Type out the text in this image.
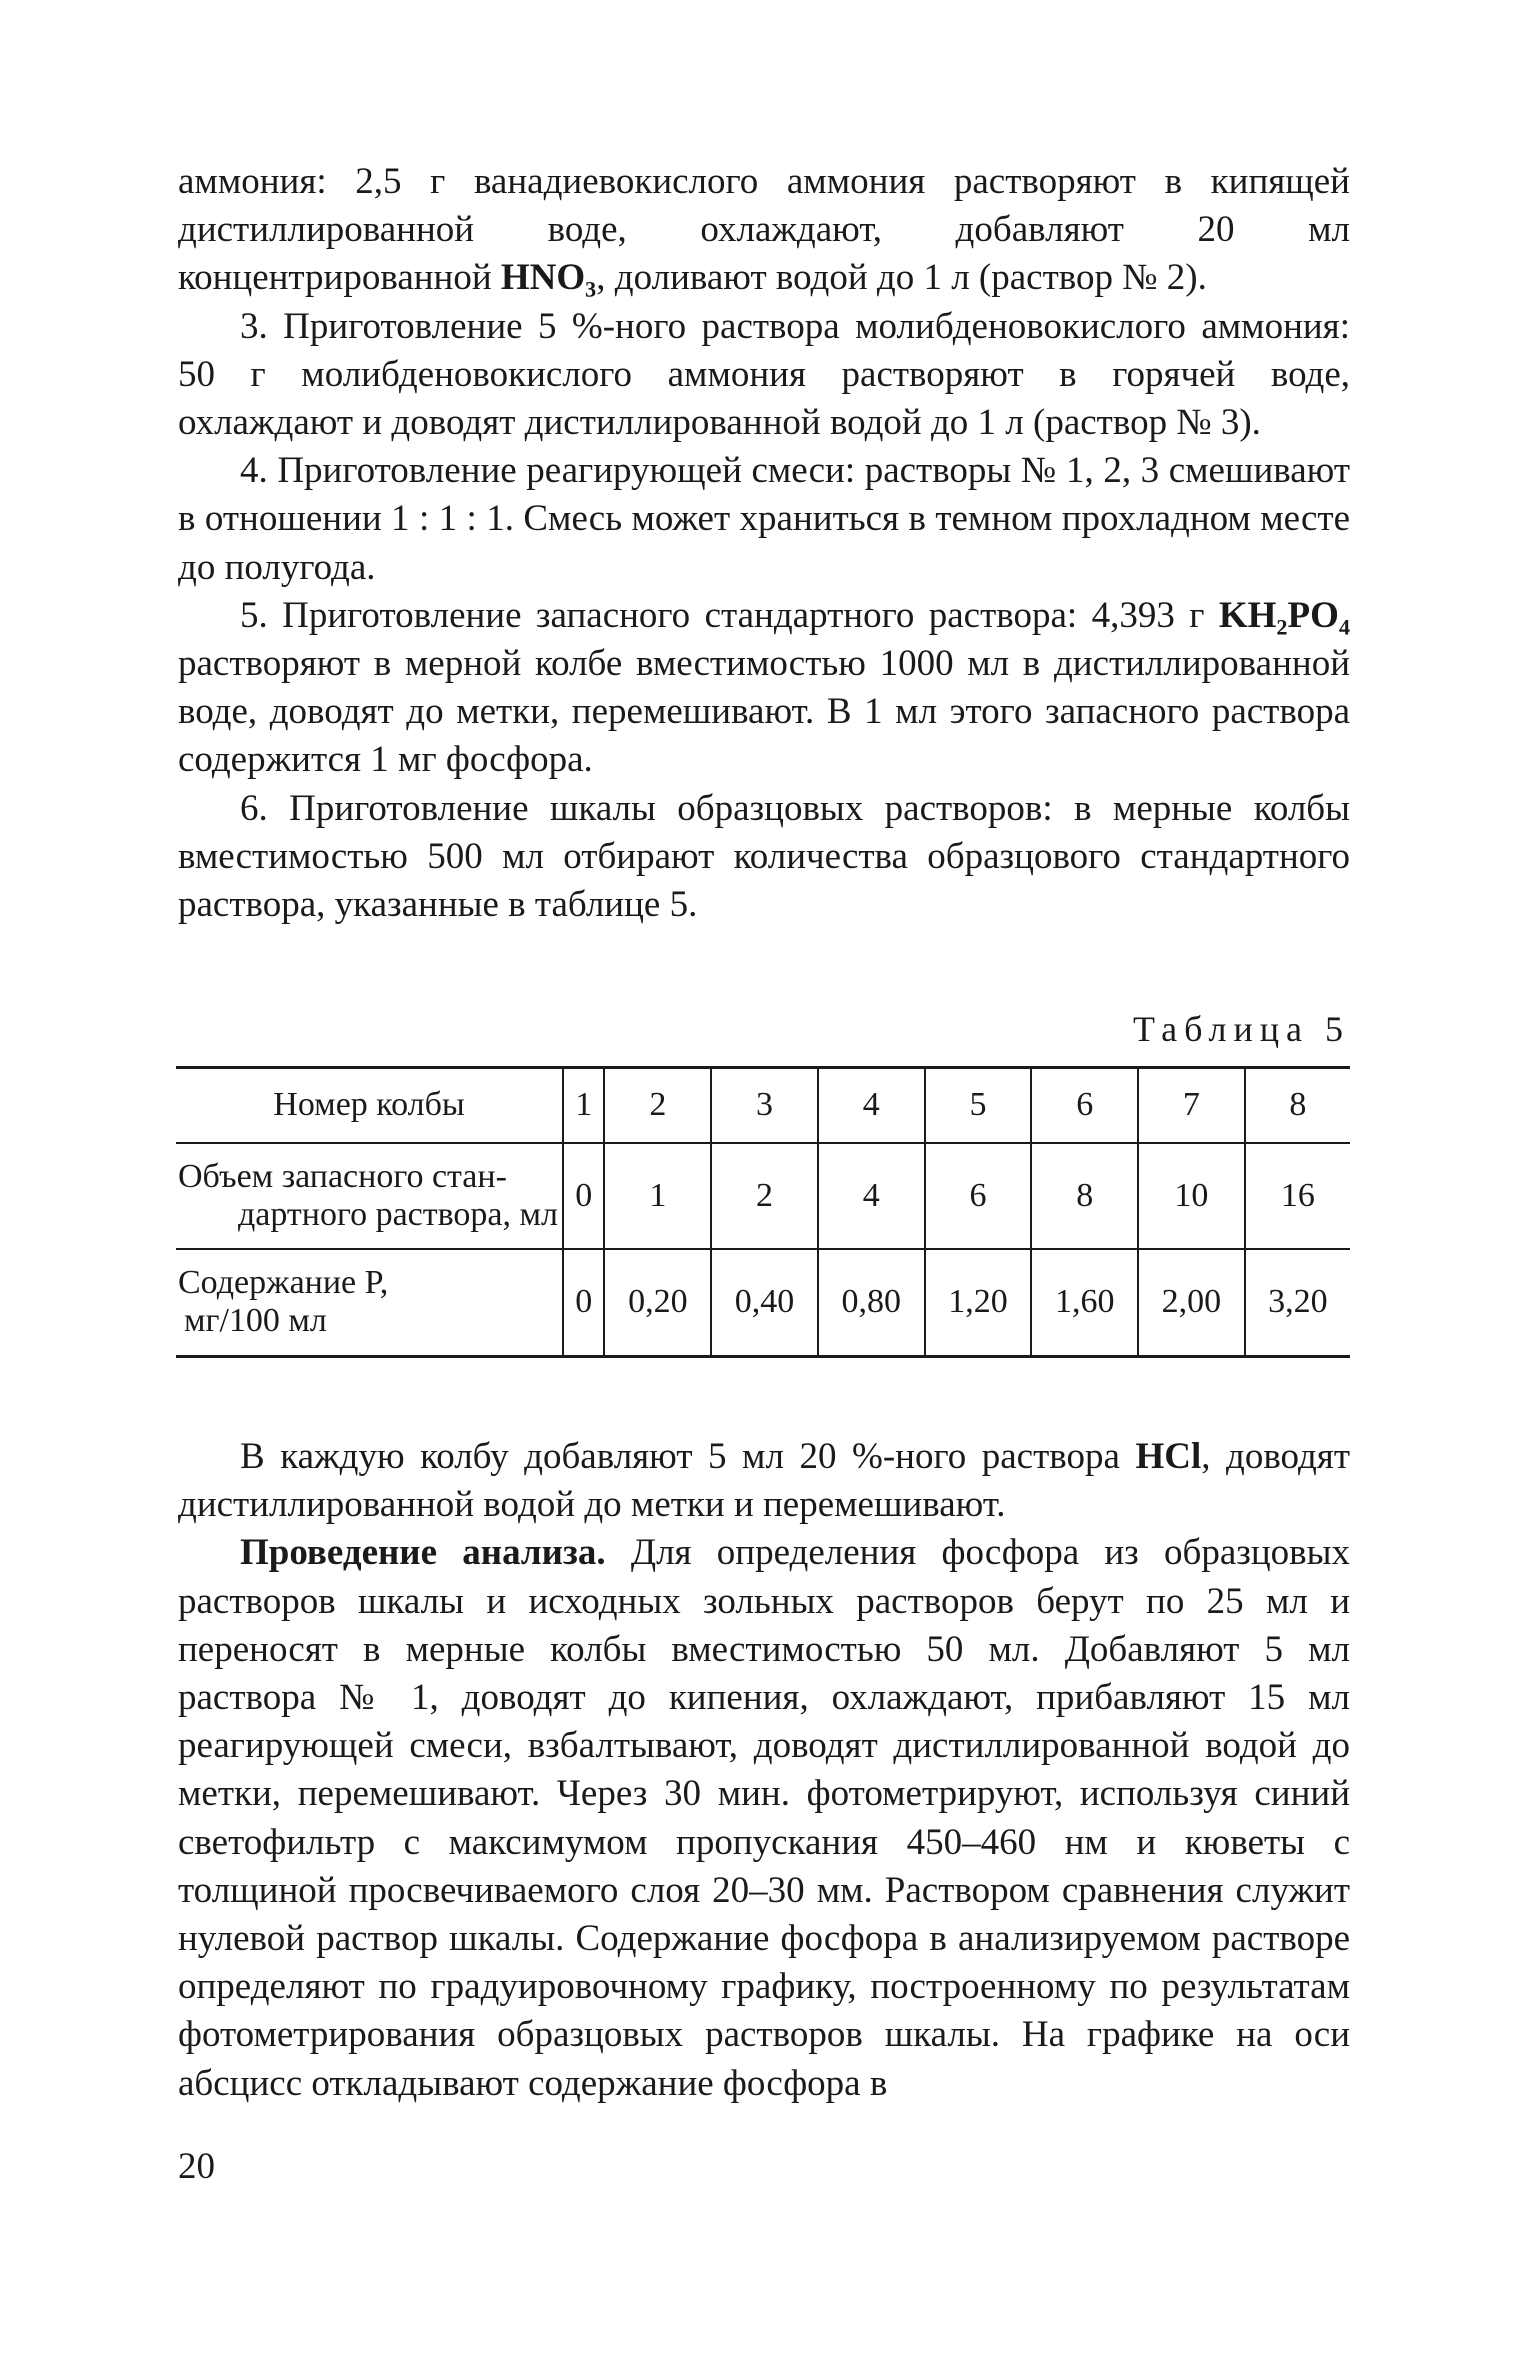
аммония: 2,5 г ванадиевокислого аммония растворяют в кипящей дистиллированной воде, охлаждают, добавляют 20 мл концентрированной HNO₃, доливают водой до 1 л (раствор № 2).

3. Приготовление 5 %-ного раствора молибденовокислого аммония: 50 г молибденовокислого аммония растворяют в горячей воде, охлаждают и доводят дистиллированной водой до 1 л (раствор № 3).

4. Приготовление реагирующей смеси: растворы № 1, 2, 3 смешивают в отношении 1 : 1 : 1. Смесь может храниться в темном прохладном месте до полугода.

5. Приготовление запасного стандартного раствора: 4,393 г KH₂PO₄ растворяют в мерной колбе вместимостью 1000 мл в дистиллированной воде, доводят до метки, перемешивают. В 1 мл этого запасного раствора содержится 1 мг фосфора.

6. Приготовление шкалы образцовых растворов: в мерные колбы вместимостью 500 мл отбирают количества образцового стандартного раствора, указанные в таблице 5.

Таблица 5
Номер колбы	1	2	3	4	5	6	7	8

Объем запасного стан-
дартного раствора, мл	0	1	2	4	6	8	10	16

Содержание P,
мг/100 мл	0	0,20	0,40	0,80	1,20	1,60	2,00	3,20

В каждую колбу добавляют 5 мл 20 %-ного раствора HCl, доводят дистиллированной водой до метки и перемешивают.

Проведение анализа. Для определения фосфора из образцовых растворов шкалы и исходных зольных растворов берут по 25 мл и переносят в мерные колбы вместимостью 50 мл. Добавляют 5 мл раствора № 1, доводят до кипения, охлаждают, прибавляют 15 мл реагирующей смеси, взбалтывают, доводят дистиллированной водой до метки, перемешивают. Через 30 мин. фотометрируют, используя синий светофильтр с максимумом пропускания 450–460 нм и кюветы с толщиной просвечиваемого слоя 20–30 мм. Раствором сравнения служит нулевой раствор шкалы. Содержание фосфора в анализируемом растворе определяют по градуировочному графику, построенному по результатам фотометрирования образцовых растворов шкалы. На графике на оси абсцисс откладывают содержание фосфора в

20
